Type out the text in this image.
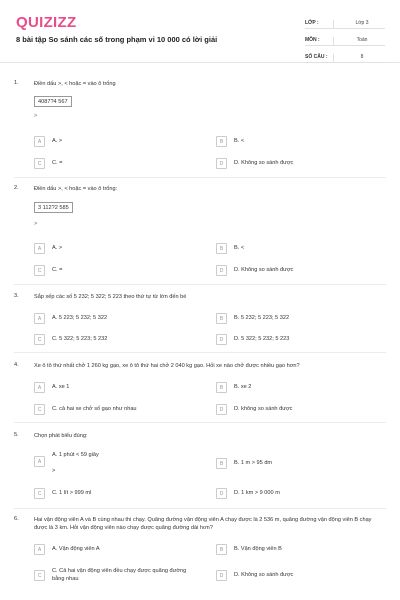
QUIZIZZ
8 bài tập So sánh các số trong phạm vi 10 000 có lời giải
LỚP :	Lớp 3
MÔN :	Toán
SỐ CÂU :	8
1.	Điền dấu >, < hoặc = vào ô trống
4087?4 567
>
A	A. >	B	B. <
C	C. =	D	D. Không so sánh được
2.	Điền dấu >, < hoặc = vào ô trống:
3 112?2 585
>
A	A. >	B	B. <
C	C. =	D	D. Không so sánh được
3.	Sắp xếp các số 5 232; 5 322; 5 223 theo thứ tự từ lớn đến bé
A	A. 5 223; 5 232; 5 322	B	B. 5 232; 5 223; 5 322
C	C. 5 322; 5 223; 5 232	D	D. 5 322; 5 232; 5 223
4.	Xe ô tô thứ nhất chở 1 260 kg gạo, xe ô tô thứ hai chở 2 040 kg gạo. Hỏi xe nào chở được nhiều gạo hơn?
A	A. xe 1	B	B. xe 2
C	C. cả hai xe chở số gạo như nhau	D	D. không so sánh được
5.	Chọn phát biểu đúng:
A
A. 1 phút < 59 giây
>
B	B. 1 m > 95 dm
C	C. 1 lít > 999 ml	D	D. 1 km > 9 000 m
6.	Hai vận động viên A và B cùng nhau thi chạy. Quãng đường vận động viên A chạy được là 2 536 m, quãng đường vận động viên B chạy được là 3 km. Hỏi vận động viên nào chạy được quãng đường dài hơn?
A	A. Vận động viên A	B	B. Vận động viên B
C
C. Cả hai vận động viên đều chạy được quãng đường bằng nhau	D	D. Không so sánh được
